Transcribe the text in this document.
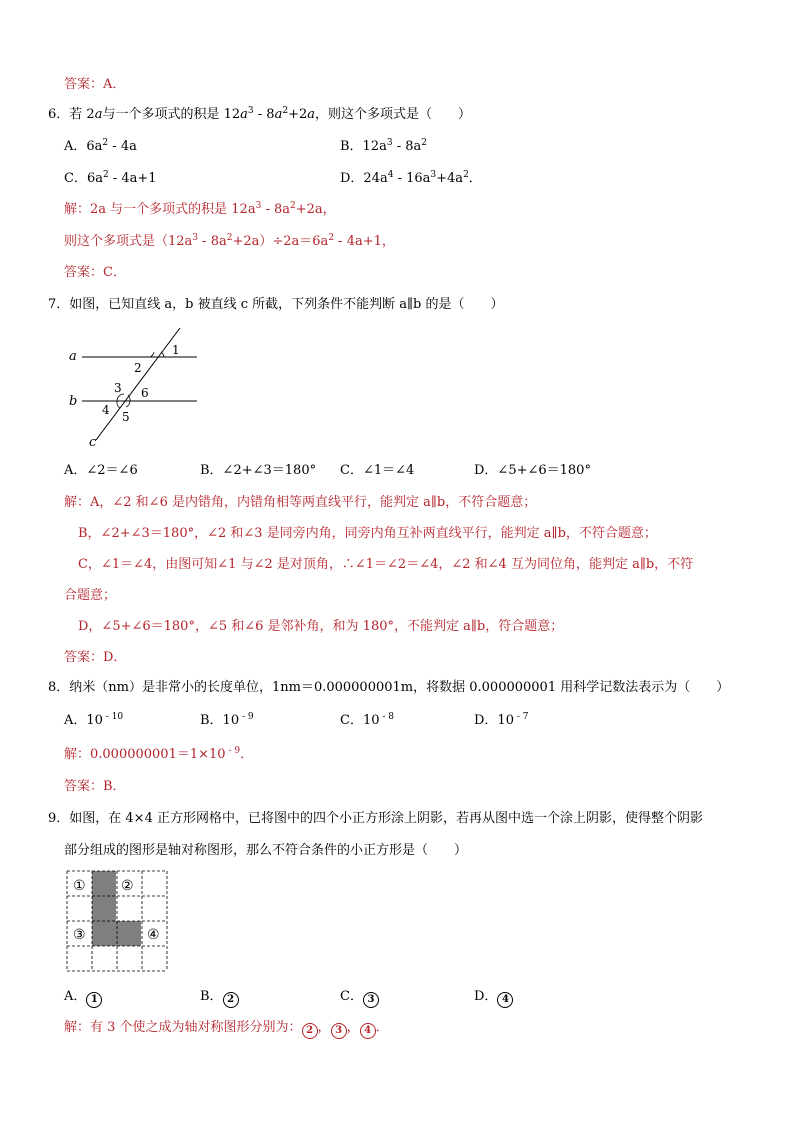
答案：A．
6．若 2a与一个多项式的积是 $12a^3 - 8a^2+2a$，则这个多项式是（　　）
A．$6a^2 - 4a$	B．$12a^3 - 8a^2$
C．$6a^2 - 4a+1$	D．$24a^4 - 16a^3+4a^2$．
解：2a 与一个多项式的积是 $12a^3 - 8a^2+2a$，
则这个多项式是$(12a^3 - 8a^2+2a)\div 2a=6a^2 - 4a+1$，
答案：C．
7．如图，已知直线 a，b 被直线 c 所截，下列条件不能判断 a∥b 的是（　　）
a
b
c
1
2
3
4 5
6
A．∠2＝∠6	B．∠2+∠3＝180° C．∠1＝∠4	D．∠5+∠6＝180°
解：A，∠2 和∠6 是内错角，内错角相等两直线平行，能判定 a∥b，不符合题意；
B，∠2+∠3＝180°，∠2 和∠3 是同旁内角，同旁内角互补两直线平行，能判定 a∥b，不符合题意；
C，∠1＝∠4，由图可知∠1 与∠2 是对顶角，∴∠1＝∠2＝∠4，∠2 和∠4 互为同位角，能判定 a∥b，不符
合题意；
D，∠5+∠6＝180°，∠5 和∠6 是邻补角，和为 180°，不能判定 a∥b，符合题意；
答案：D．
8．纳米（nm）是非常小的长度单位，1nm＝0.000000001m，将数据 0.000000001 用科学记数法表示为（　　）
A．10 $^{- 10}$	B．10 $^{- 9}$	C．10 $^{- 8}$	D．10 $^{- 7}$
解：0.000000001＝1×10 $^{- 9}$．
答案：B．
9．如图，在 4×4 正方形网格中，已将图中的四个小正方形涂上阴影，若再从图中选一个涂上阴影，使得整个阴影
部分组成的图形是轴对称图形，那么不符合条件的小正方形是（　　）
①	②
③	④
A． 1	B． 2	C． 3	D． 4
解：有 3 个使之成为轴对称图形分别为： 2 ， 3 ， 4 ．
